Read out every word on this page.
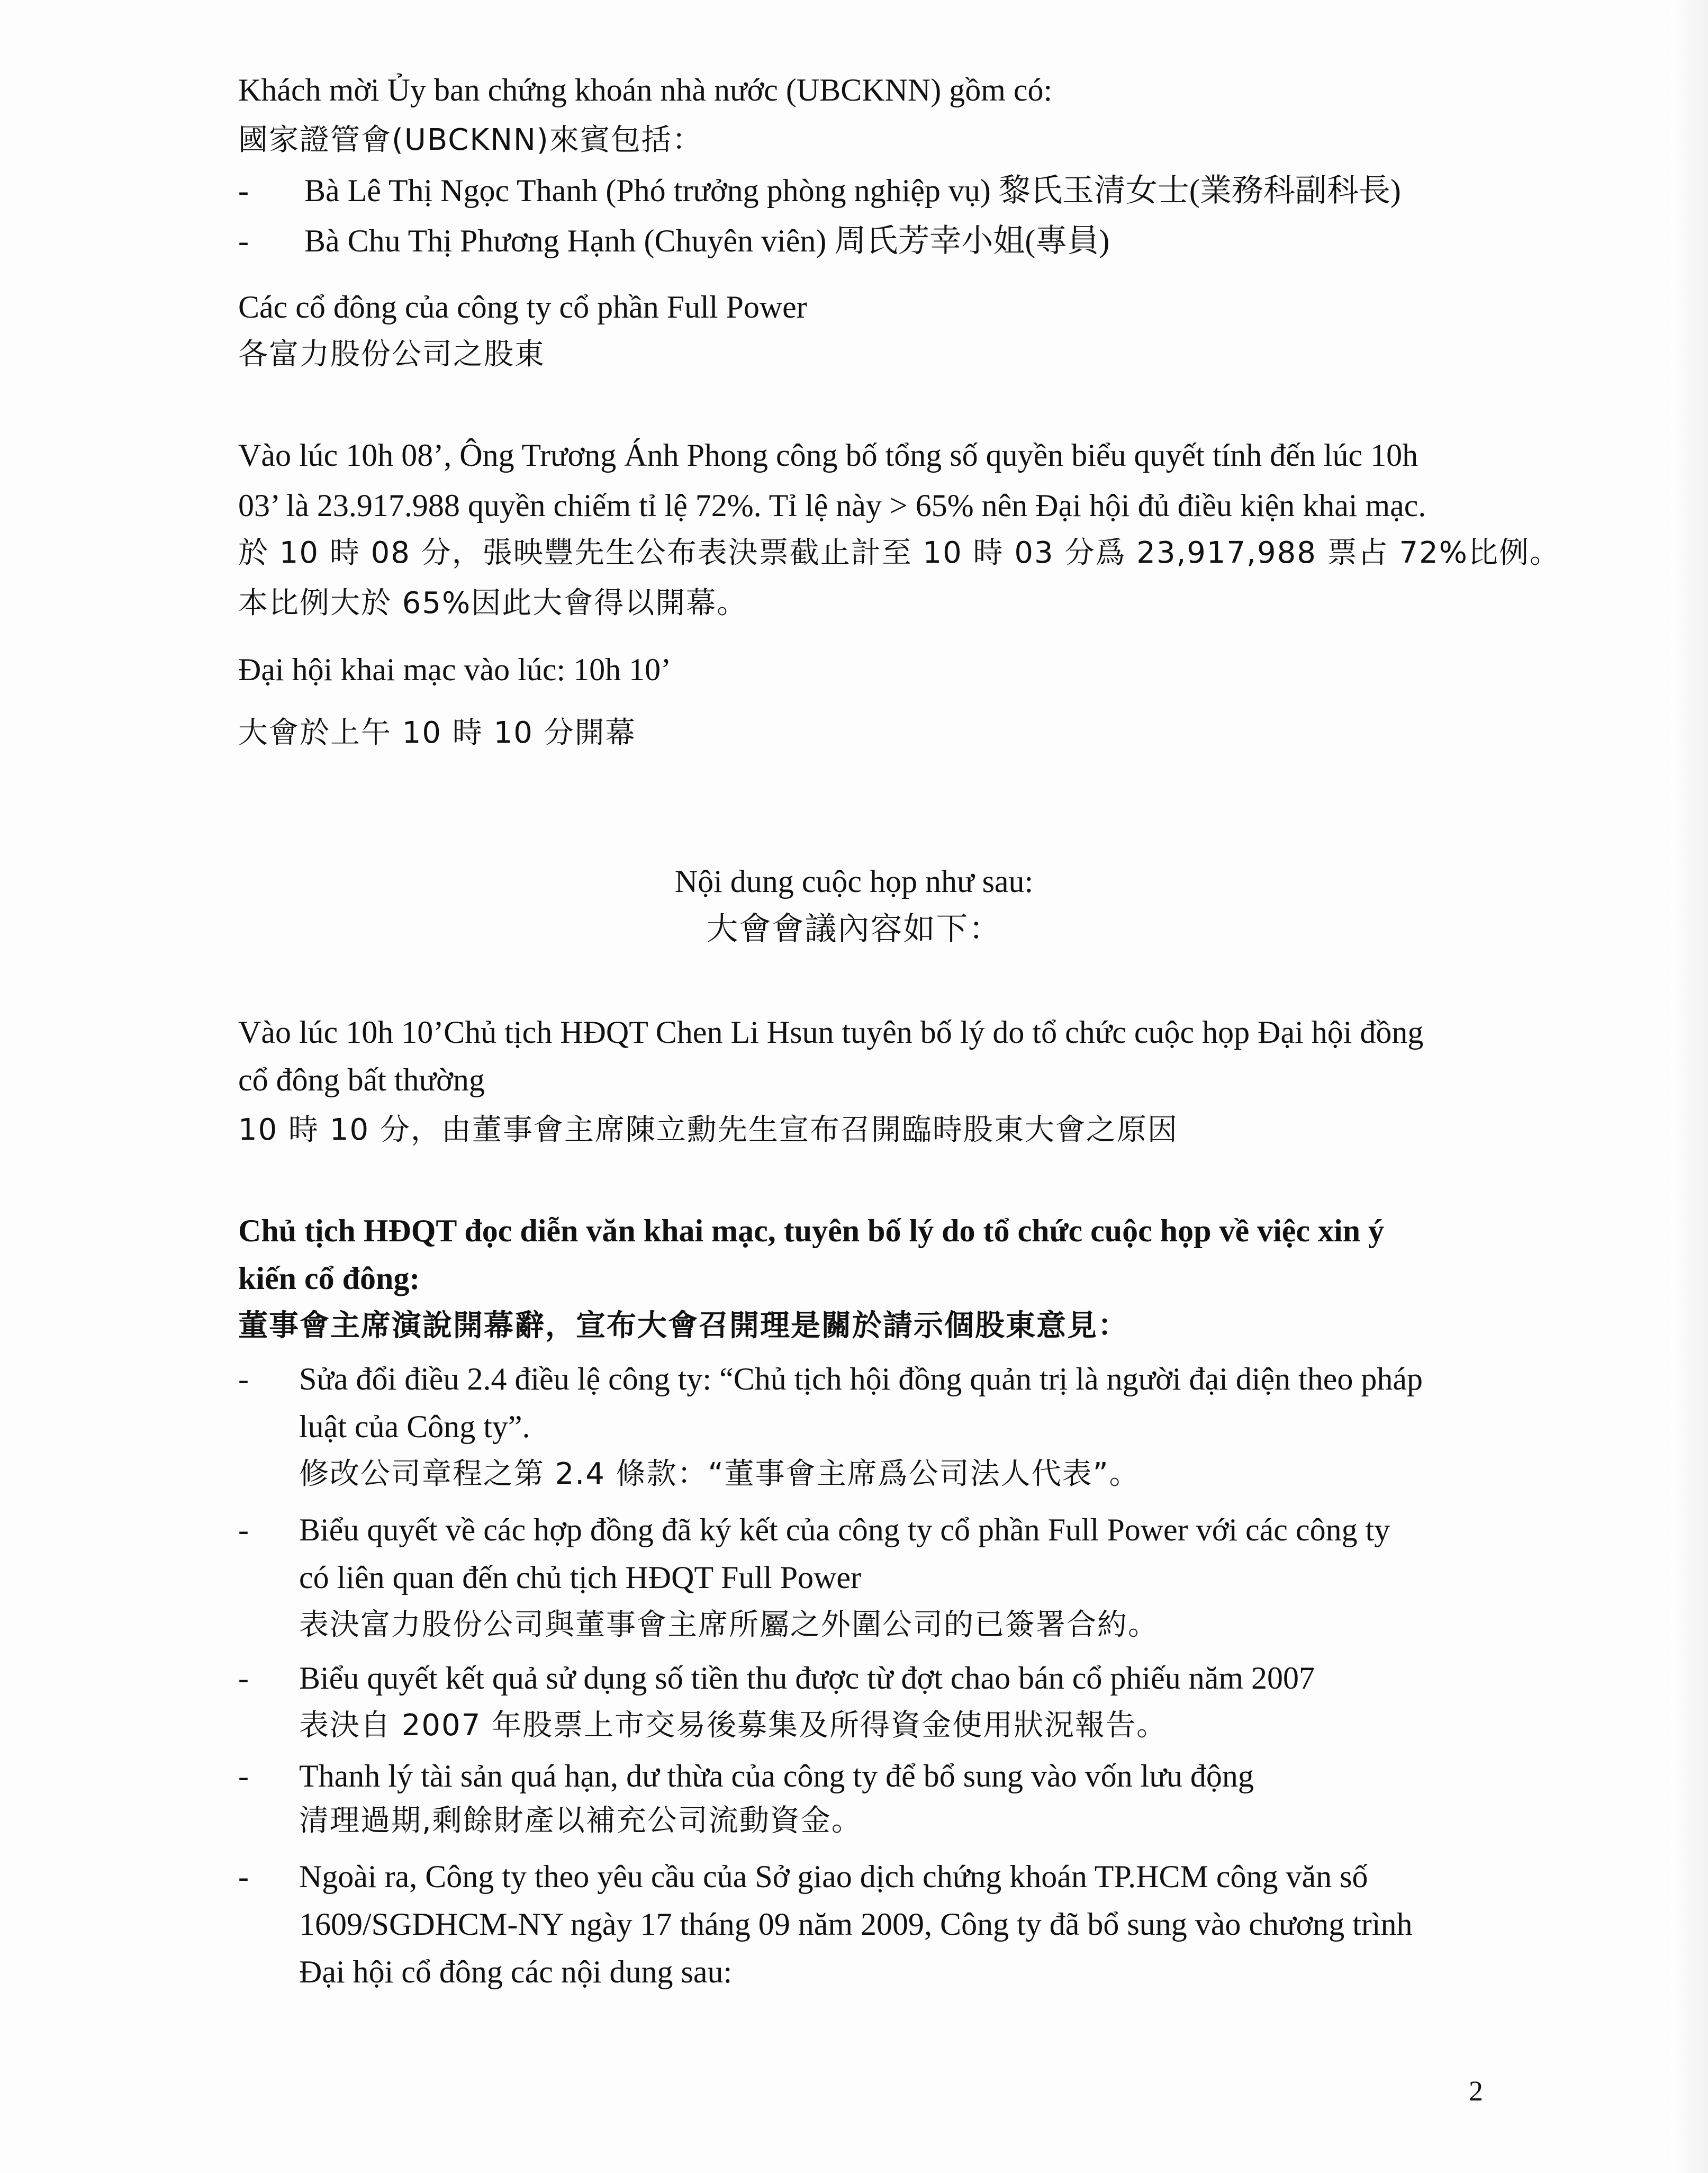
Khách mời Ủy ban chứng khoán nhà nước (UBCKNN) gồm có:
國家證管會(UBCKNN)來賓包括：
- Bà Lê Thị Ngọc Thanh (Phó trưởng phòng nghiệp vụ) 黎氏玉清女士(業務科副科長)
- Bà Chu Thị Phương Hạnh (Chuyên viên) 周氏芳幸小姐(專員)
Các cổ đông của công ty cổ phần Full Power
各富力股份公司之股東
Vào lúc 10h 08’, Ông Trương Ánh Phong công bố tổng số quyền biểu quyết tính đến lúc 10h
03’ là 23.917.988 quyền chiếm tỉ lệ 72%. Tỉ lệ này > 65% nên Đại hội đủ điều kiện khai mạc.
於 10 時 08 分，張映豐先生公布表決票截止計至 10 時 03 分爲 23,917,988 票占 72%比例。
本比例大於 65%因此大會得以開幕。
Đại hội khai mạc vào lúc: 10h 10’
大會於上午 10 時 10 分開幕
Nội dung cuộc họp như sau:
大會會議內容如下：
Vào lúc 10h 10’Chủ tịch HĐQT Chen Li Hsun tuyên bố lý do tổ chức cuộc họp Đại hội đồng
cổ đông bất thường
10 時 10 分，由董事會主席陳立勳先生宣布召開臨時股東大會之原因
Chủ tịch HĐQT đọc diễn văn khai mạc, tuyên bố lý do tổ chức cuộc họp về việc xin ý
kiến cổ đông:
董事會主席演說開幕辭，宣布大會召開理是關於請示個股東意見：
- Sửa đổi điều 2.4 điều lệ công ty: “Chủ tịch hội đồng quản trị là người đại diện theo pháp
luật của Công ty”.
修改公司章程之第 2.4 條款：“董事會主席爲公司法人代表”。
- Biểu quyết về các hợp đồng đã ký kết của công ty cổ phần Full Power với các công ty
có liên quan đến chủ tịch HĐQT Full Power
表決富力股份公司與董事會主席所屬之外圍公司的已簽署合約。
- Biểu quyết kết quả sử dụng số tiền thu được từ đợt chao bán cổ phiếu năm 2007
表決自 2007 年股票上市交易後募集及所得資金使用狀況報告。
- Thanh lý tài sản quá hạn, dư thừa của công ty để bổ sung vào vốn lưu động
清理過期,剩餘財產以補充公司流動資金。
- Ngoài ra, Công ty theo yêu cầu của Sở giao dịch chứng khoán TP.HCM công văn số
1609/SGDHCM-NY ngày 17 tháng 09 năm 2009, Công ty đã bổ sung vào chương trình
Đại hội cổ đông các nội dung sau:
2
